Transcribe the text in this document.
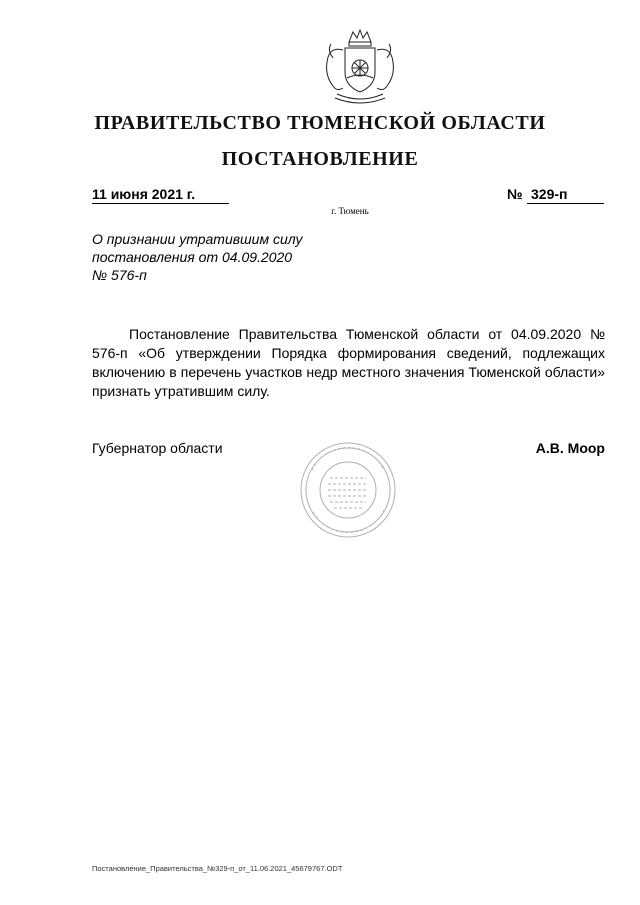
ПРАВИТЕЛЬСТВО ТЮМЕНСКОЙ ОБЛАСТИ
ПОСТАНОВЛЕНИЕ
11 июня 2021 г.	№ 329-п
г. Тюмень
О признании утратившим силу
постановления от 04.09.2020
№ 576-п
Постановление Правительства Тюменской области от 04.09.2020 № 576-п «Об утверждении Порядка формирования сведений, подлежащих включению в перечень участков недр местного значения Тюменской области» признать утратившим силу.
Губернатор области	А.В. Моор
Постановление_Правительства_№329-п_от_11.06.2021_45679767.ODT
